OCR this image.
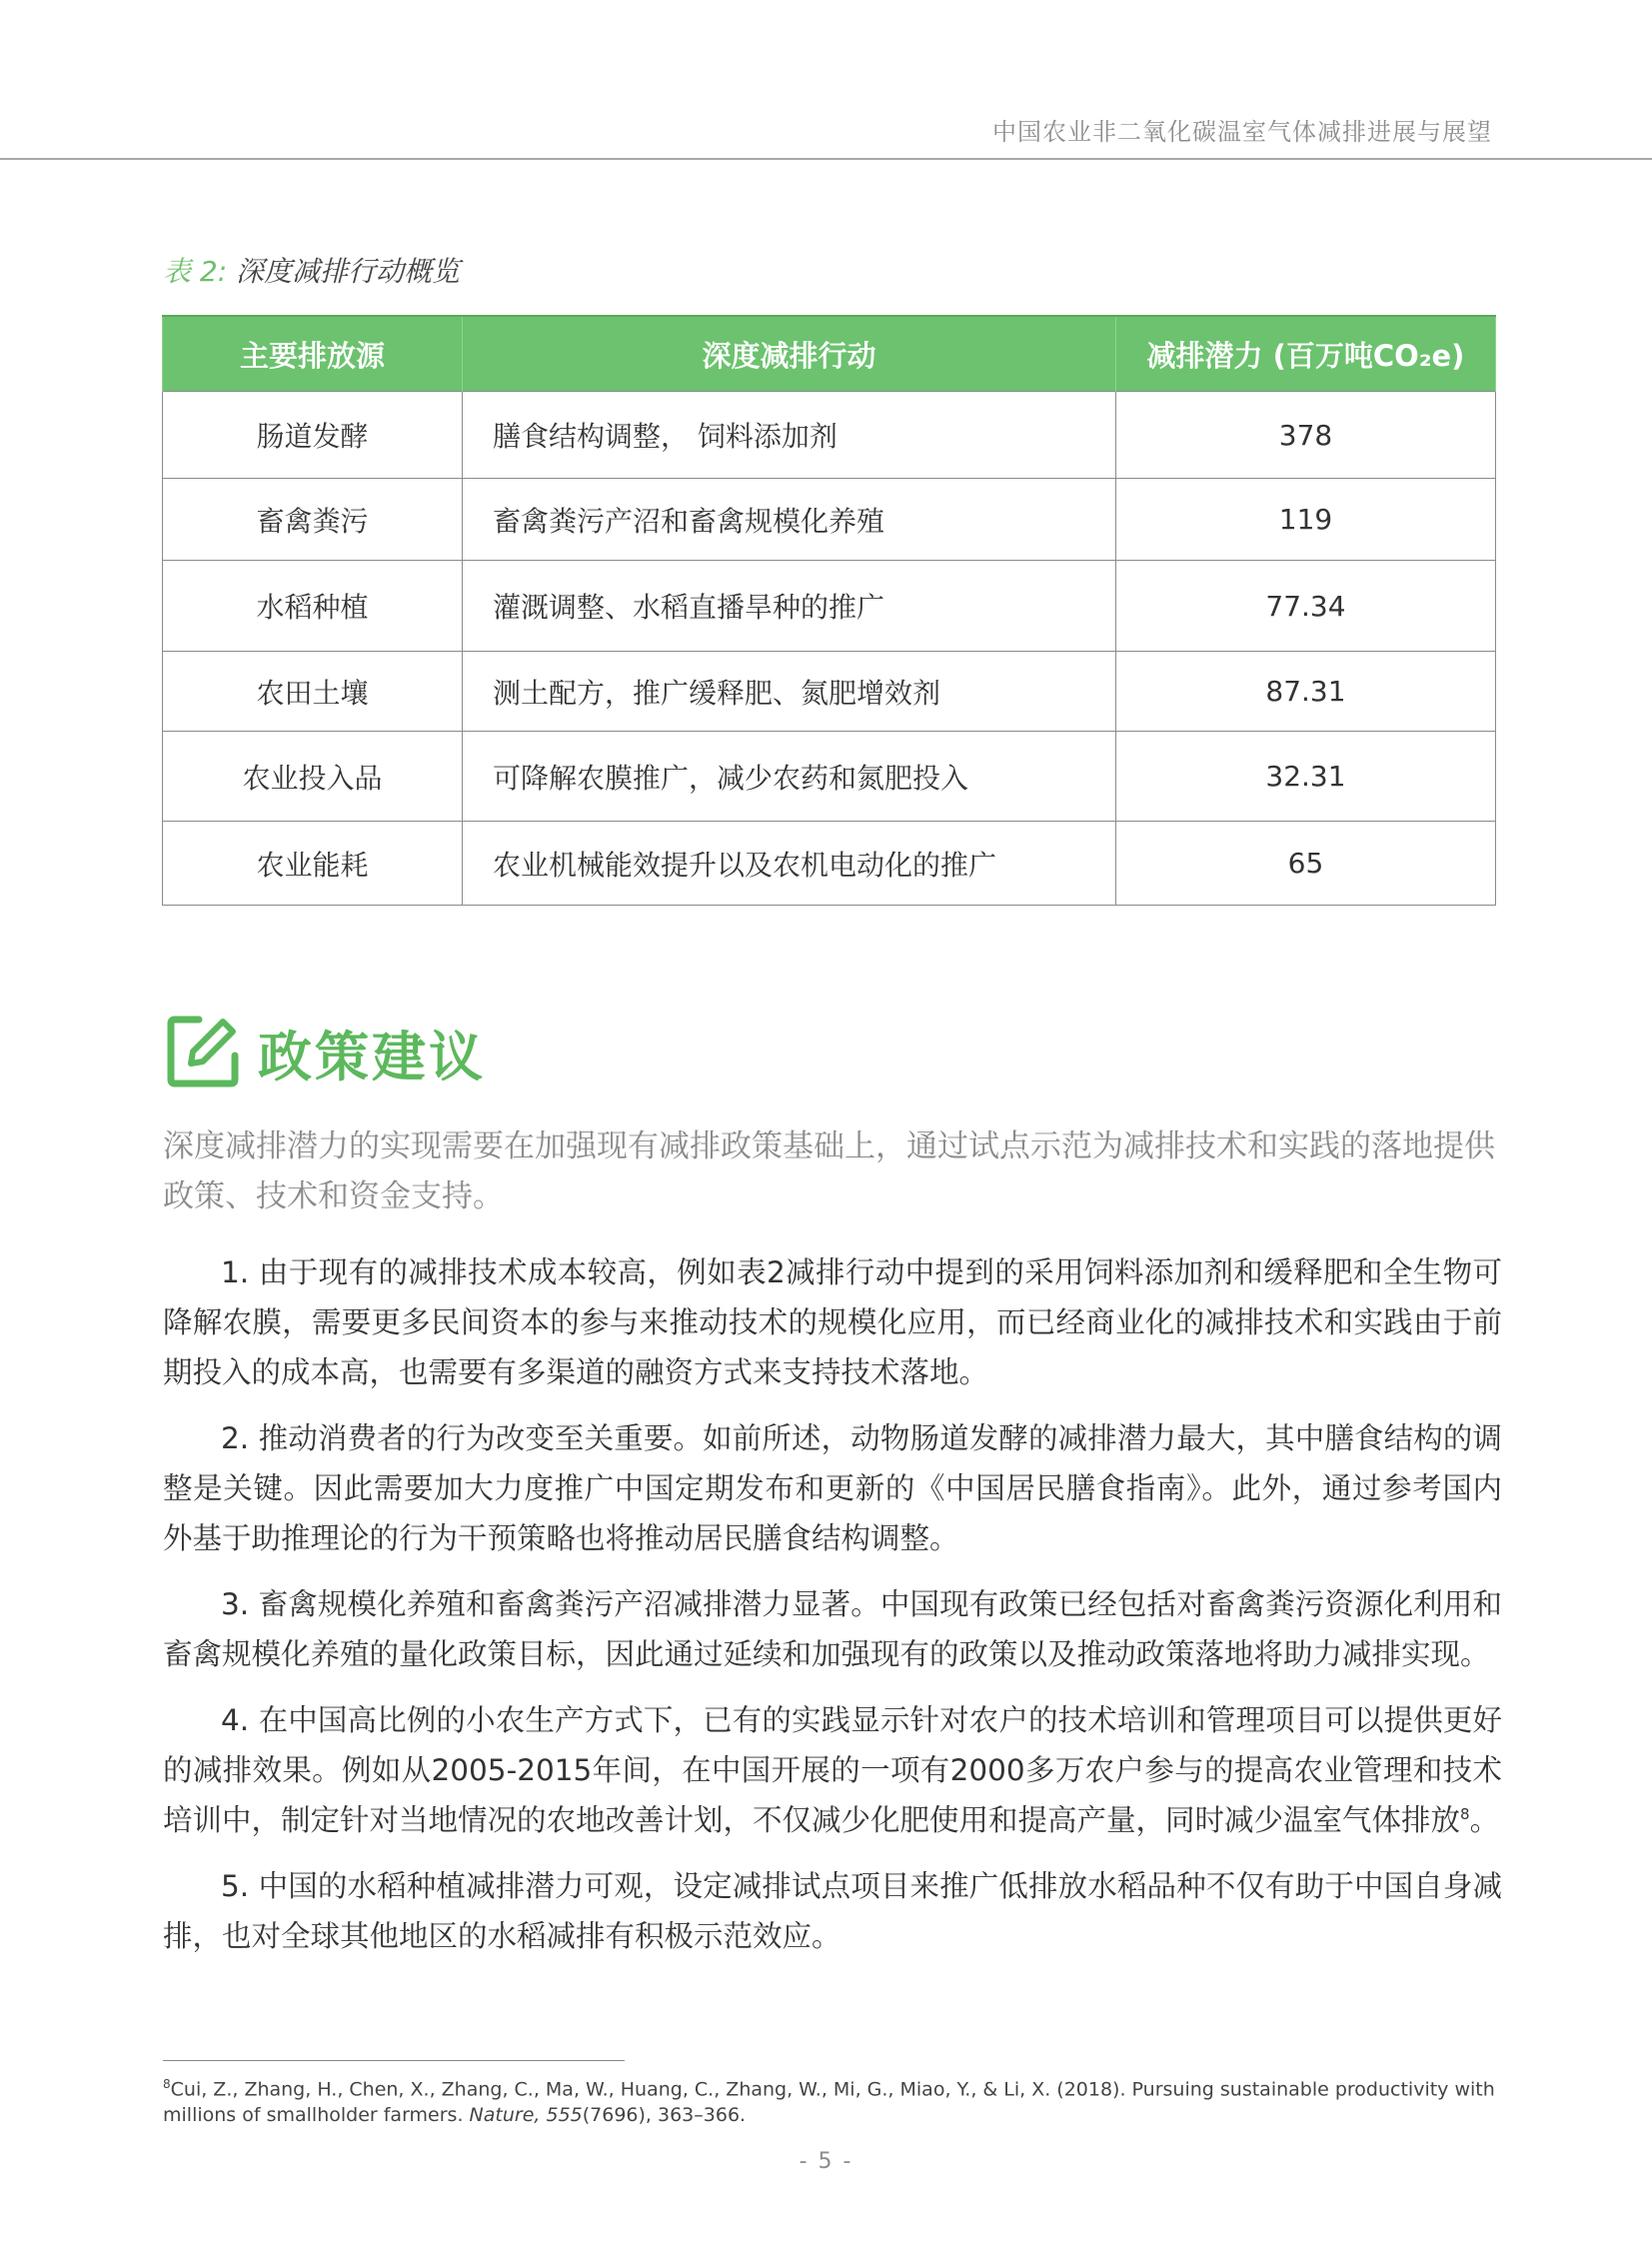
中国农业非二氧化碳温室气体减排进展与展望
表 2: 深度减排行动概览
主要排放源	深度减排行动	减排潜力 (百万吨CO₂e)
肠道发酵	膳食结构调整， 饲料添加剂	378
畜禽粪污	畜禽粪污产沼和畜禽规模化养殖	119
水稻种植	灌溉调整、水稻直播旱种的推广	77.34
农田土壤	测土配方，推广缓释肥、氮肥增效剂	87.31
农业投入品	可降解农膜推广，减少农药和氮肥投入	32.31
农业能耗	农业机械能效提升以及农机电动化的推广	65
政策建议
深度减排潜力的实现需要在加强现有减排政策基础上，通过试点示范为减排技术和实践的落地提供政策、技术和资金支持。

1. 由于现有的减排技术成本较高，例如表2减排行动中提到的采用饲料添加剂和缓释肥和全生物可降解农膜，需要更多民间资本的参与来推动技术的规模化应用，而已经商业化的减排技术和实践由于前期投入的成本高，也需要有多渠道的融资方式来支持技术落地。

2. 推动消费者的行为改变至关重要。如前所述，动物肠道发酵的减排潜力最大，其中膳食结构的调整是关键。因此需要加大力度推广中国定期发布和更新的《中国居民膳食指南》。此外，通过参考国内外基于助推理论的行为干预策略也将推动居民膳食结构调整。

3. 畜禽规模化养殖和畜禽粪污产沼减排潜力显著。中国现有政策已经包括对畜禽粪污资源化利用和畜禽规模化养殖的量化政策目标，因此通过延续和加强现有的政策以及推动政策落地将助力减排实现。

4. 在中国高比例的小农生产方式下，已有的实践显示针对农户的技术培训和管理项目可以提供更好的减排效果。例如从2005-2015年间，在中国开展的一项有2000多万农户参与的提高农业管理和技术培训中，制定针对当地情况的农地改善计划，不仅减少化肥使用和提高产量，同时减少温室气体排放$^8$。

5. 中国的水稻种植减排潜力可观，设定减排试点项目来推广低排放水稻品种不仅有助于中国自身减排，也对全球其他地区的水稻减排有积极示范效应。

$^8$Cui, Z., Zhang, H., Chen, X., Zhang, C., Ma, W., Huang, C., Zhang, W., Mi, G., Miao, Y., & Li, X. (2018). Pursuing sustainable productivity with millions of smallholder farmers. Nature, 555(7696), 363–366.
- 5 -
